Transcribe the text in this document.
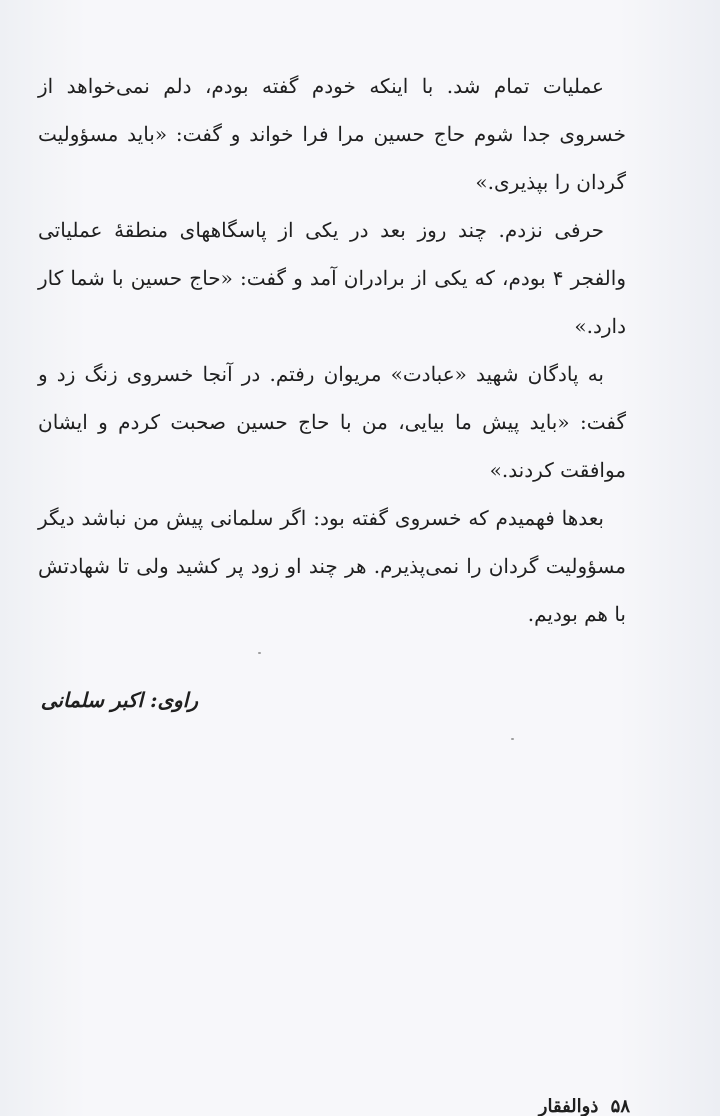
عملیات تمام شد. با اینکه خودم گفته بودم، دلم نمی‌خواهد از خسروی جدا شوم حاج حسین مرا فرا خواند و گفت: «باید مسؤولیت گردان را بپذیری.»

حرفی نزدم. چند روز بعد در یکی از پاسگاههای منطقهٔ عملیاتی والفجر ۴ بودم، که یکی از برادران آمد و گفت: «حاج حسین با شما کار دارد.»

به پادگان شهید «عبادت» مریوان رفتم. در آنجا خسروی زنگ زد و گفت: «باید پیش ما بیایی، من با حاج حسین صحبت کردم و ایشان موافقت کردند.»

بعدها فهمیدم که خسروی گفته بود: اگر سلمانی پیش من نباشد دیگر مسؤولیت گردان را نمی‌پذیرم. هر چند او زود پر کشید ولی تا شهادتش با هم بودیم.

راوی: اکبر سلمانی
۵۸ ذوالفقار
